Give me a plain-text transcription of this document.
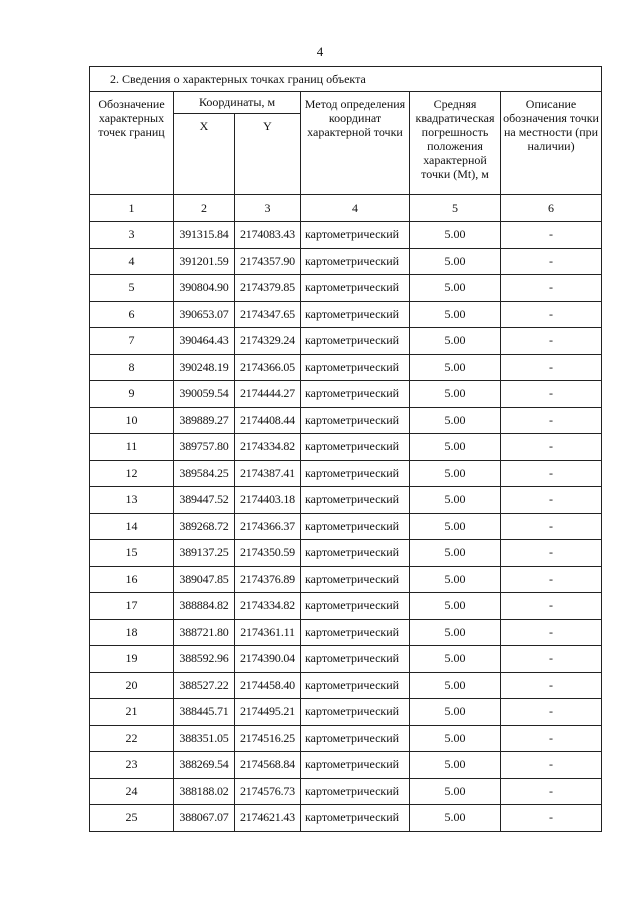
4
2. Сведения о характерных точках границ объекта					
Обозначение характерных точек границ	Координаты, м		Метод определения координат характерной точки	Средняя квадратическая погрешность положения характерной точки (Mt), м	Описание обозначения точки на местности (при наличии)
	X	Y			
1	2	3	4	5	6
3	391315.84	2174083.43	картометрический	5.00	-
4	391201.59	2174357.90	картометрический	5.00	-
5	390804.90	2174379.85	картометрический	5.00	-
6	390653.07	2174347.65	картометрический	5.00	-
7	390464.43	2174329.24	картометрический	5.00	-
8	390248.19	2174366.05	картометрический	5.00	-
9	390059.54	2174444.27	картометрический	5.00	-
10	389889.27	2174408.44	картометрический	5.00	-
11	389757.80	2174334.82	картометрический	5.00	-
12	389584.25	2174387.41	картометрический	5.00	-
13	389447.52	2174403.18	картометрический	5.00	-
14	389268.72	2174366.37	картометрический	5.00	-
15	389137.25	2174350.59	картометрический	5.00	-
16	389047.85	2174376.89	картометрический	5.00	-
17	388884.82	2174334.82	картометрический	5.00	-
18	388721.80	2174361.11	картометрический	5.00	-
19	388592.96	2174390.04	картометрический	5.00	-
20	388527.22	2174458.40	картометрический	5.00	-
21	388445.71	2174495.21	картометрический	5.00	-
22	388351.05	2174516.25	картометрический	5.00	-
23	388269.54	2174568.84	картометрический	5.00	-
24	388188.02	2174576.73	картометрический	5.00	-
25	388067.07	2174621.43	картометрический	5.00	-
